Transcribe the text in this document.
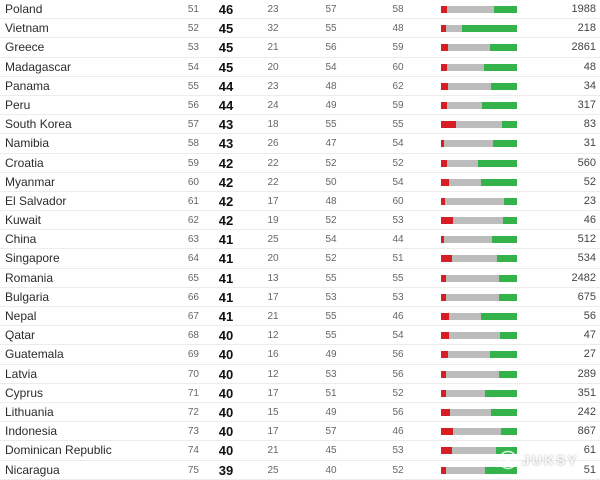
Poland	51	46	23	57	58	1988
Vietnam	52	45	32	55	48	218
Greece	53	45	21	56	59	2861
Madagascar	54	45	20	54	60	48
Panama	55	44	23	48	62	34
Peru	56	44	24	49	59	317
South Korea	57	43	18	55	55	83
Namibia	58	43	26	47	54	31
Croatia	59	42	22	52	52	560
Myanmar	60	42	22	50	54	52
El Salvador	61	42	17	48	60	23
Kuwait	62	42	19	52	53	46
China	63	41	25	54	44	512
Singapore	64	41	20	52	51	534
Romania	65	41	13	55	55	2482
Bulgaria	66	41	17	53	53	675
Nepal	67	41	21	55	46	56
Qatar	68	40	12	55	54	47
Guatemala	69	40	16	49	56	27
Latvia	70	40	12	53	56	289
Cyprus	71	40	17	51	52	351
Lithuania	72	40	15	49	56	242
Indonesia	73	40	17	57	46	867
Dominican Republic	74	40	21	45	53	61
Nicaragua	75	39	25	40	52	51
JUKSY
